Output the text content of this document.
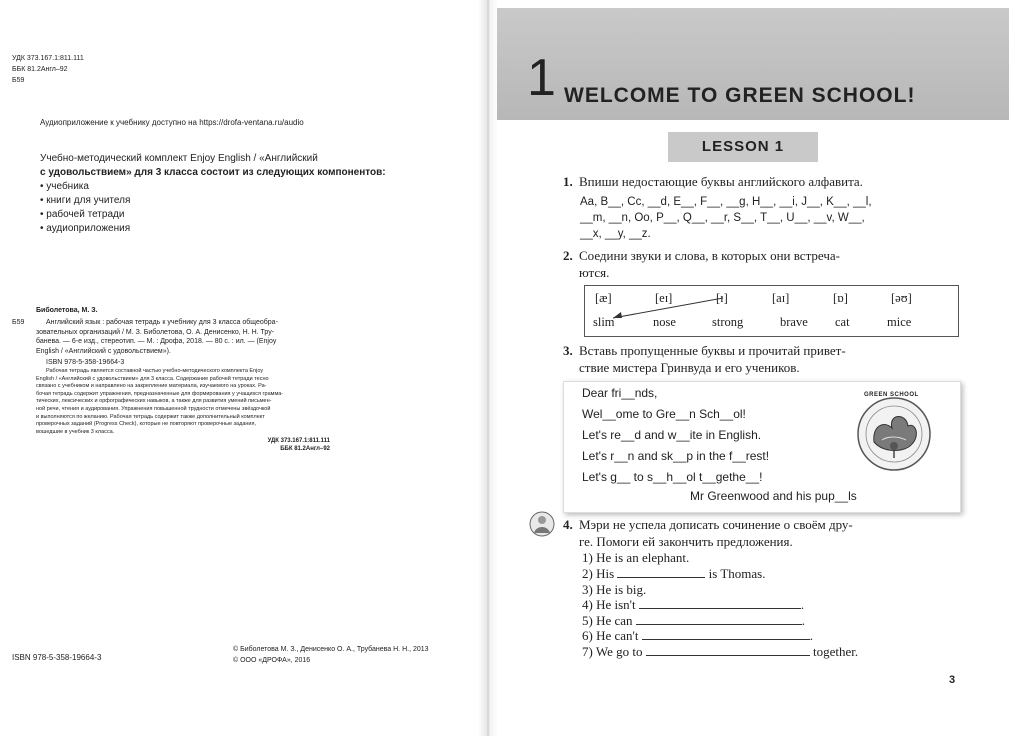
УДК 373.167.1:811.111
ББК 81.2Англ–92
Б59
Аудиоприложение к учебнику доступно на https://drofa-ventana.ru/audio
Учебно-методический комплект Enjoy English / «Английский
с удовольствием» для 3 класса состоит из следующих компонентов:
• учебника
• книги для учителя
• рабочей тетради
• аудиоприложения
Биболетова, М. З.
Б59	Английский язык : рабочая тетрадь к учебнику для 3 класса общеобра-
зовательных организаций / М. З. Биболетова, О. А. Денисенко, Н. Н. Тру-
банева. — 6-е изд., стереотип. — М. : Дрофа, 2018. — 80 с. : ил. — (Enjoy
English / «Английский с удовольствием»).
ISBN 978-5-358-19664-3
Рабочая тетрадь является составной частью учебно-методического комплекта Enjoy
English / «Английский с удовольствием» для 3 класса. Содержание рабочей тетради тесно
связано с учебником и направлено на закрепление материала, изучаемого на уроках. Ра-
бочая тетрадь содержит упражнения, предназначенные для формирования у учащихся грамма-
тических, лексических и орфографических навыков, а также для развития умений письмен-
ной речи, чтения и аудирования. Упражнения повышенной трудности отмечены звёздочкой
и выполняются по желанию. Рабочая тетрадь содержит также дополнительный комплект
проверочных заданий (Progress Check), которые не повторяют проверочные задания,
вошедшие в учебник 3 класса.
УДК 373.167.1:811.111
ББК 81.2Англ–92
ISBN 978-5-358-19664-3
© Биболетова М. З., Денисенко О. А., Трубанева Н. Н., 2013
© ООО «ДРОФА», 2016
1 WELCOME TO GREEN SCHOOL!
LESSON 1
1. Впиши недостающие буквы английского алфавита.
Aa, B__, Cc, __d, E__, F__, __g, H__, __i, J__, K__, __l,
__m, __n, Oo, P__, Q__, __r, S__, T__, U__, __v, W__,
__x, __y, __z.
2. Соедини звуки и слова, в которых они встреча-
ются.
[æ]	[eɪ]	[ɪ]	[aɪ]	[ɒ]	[əʊ]
slim	nose	strong	brave cat	mice
3. Вставь пропущенные буквы и прочитай привет-
ствие мистера Гринвуда и его учеников.
Dear fri__nds,
Wel__ome to Gre__n Sch__ol!
Let's re__d and w__ite in English.
Let's r__n and sk__p in the f__rest!
Let's g__ to s__h__ol t__gethe__!
Mr Greenwood and his pup__ls
GREEN SCHOOL
4. Мэри не успела дописать сочинение о своём дру-
ге. Помоги ей закончить предложения.
1) He is an elephant.
2) His	is Thomas.
3) He is big.
4) He isn't	.
5) He can	.
6) He can't	.
7) We go to	together.
3
